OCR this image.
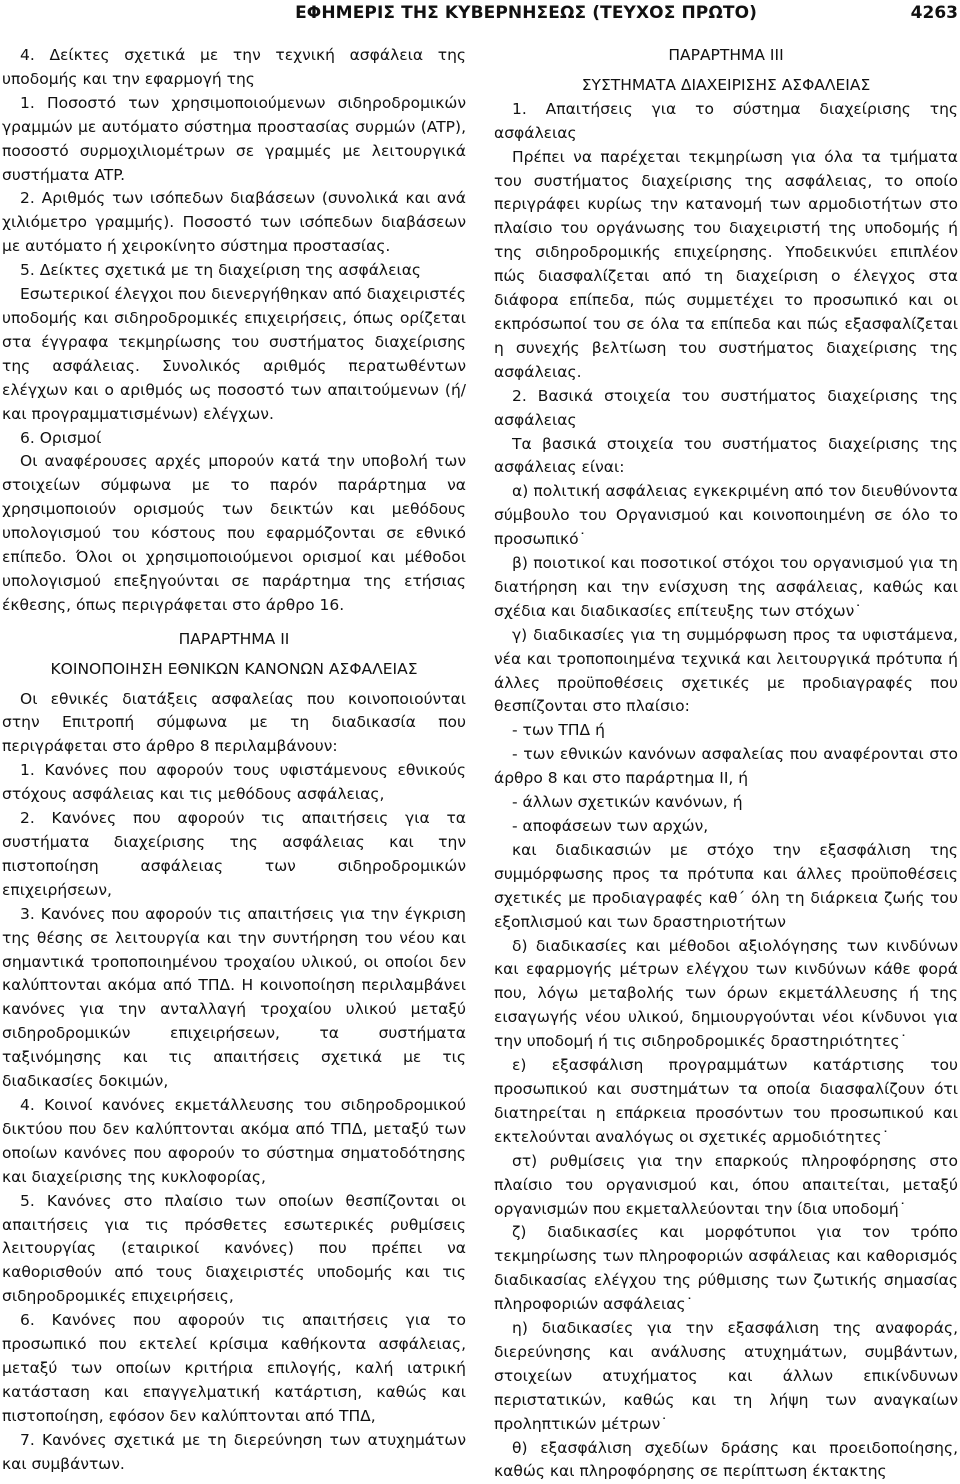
ΕΦΗΜΕΡΙΣ ΤΗΣ ΚΥΒΕΡΝΗΣΕΩΣ (ΤΕΥΧΟΣ ΠΡΩΤΟ)	4263

4. Δείκτες σχετικά με την τεχνική ασφάλεια της υποδομής και την εφαρμογή της

1. Ποσοστό των χρησιμοποιούμενων σιδηροδρομικών γραμμών με αυτόματο σύστημα προστασίας συρμών (ATP), ποσοστό συρμοχιλιομέτρων σε γραμμές με λειτουργικά συστήματα ATP.

2. Αριθμός των ισόπεδων διαβάσεων (συνολικά και ανά χιλιόμετρο γραμμής). Ποσοστό των ισόπεδων διαβάσεων με αυτόματο ή χειροκίνητο σύστημα προστασίας.

5. Δείκτες σχετικά με τη διαχείριση της ασφάλειας

Εσωτερικοί έλεγχοι που διενεργήθηκαν από διαχειριστές υποδομής και σιδηροδρομικές επιχειρήσεις, όπως ορίζεται στα έγγραφα τεκμηρίωσης του συστήματος διαχείρισης της ασφάλειας. Συνολικός αριθμός περατωθέντων ελέγχων και ο αριθμός ως ποσοστό των απαιτούμενων (ή/και προγραμματισμένων) ελέγχων.

6. Ορισμοί

Οι αναφέρουσες αρχές μπορούν κατά την υποβολή των στοιχείων σύμφωνα με το παρόν παράρτημα να χρησιμοποιούν ορισμούς των δεικτών και μεθόδους υπολογισμού του κόστους που εφαρμόζονται σε εθνικό επίπεδο. Όλοι οι χρησιμοποιούμενοι ορισμοί και μέθοδοι υπολογισμού επεξηγούνται σε παράρτημα της ετήσιας έκθεσης, όπως περιγράφεται στο άρθρο 16.

ΠΑΡΑΡΤΗΜΑ ΙΙ

ΚΟΙΝΟΠΟΙΗΣΗ ΕΘΝΙΚΩΝ ΚΑΝΟΝΩΝ ΑΣΦΑΛΕΙΑΣ

Οι εθνικές διατάξεις ασφαλείας που κοινοποιούνται στην Επιτροπή σύμφωνα με τη διαδικασία που περιγράφεται στο άρθρο 8 περιλαμβάνουν:

1. Κανόνες που αφορούν τους υφιστάμενους εθνικούς στόχους ασφάλειας και τις μεθόδους ασφάλειας,

2. Κανόνες που αφορούν τις απαιτήσεις για τα συστήματα διαχείρισης της ασφάλειας και την πιστοποίηση ασφάλειας των σιδηροδρομικών επιχειρήσεων,

3. Κανόνες που αφορούν τις απαιτήσεις για την έγκριση της θέσης σε λειτουργία και την συντήρηση του νέου και σημαντικά τροποποιημένου τροχαίου υλικού, οι οποίοι δεν καλύπτονται ακόμα από ΤΠΔ. Η κοινοποίηση περιλαμβάνει κανόνες για την ανταλλαγή τροχαίου υλικού μεταξύ σιδηροδρομικών επιχειρήσεων, τα συστήματα ταξινόμησης και τις απαιτήσεις σχετικά με τις διαδικασίες δοκιμών,

4. Κοινοί κανόνες εκμετάλλευσης του σιδηροδρομικού δικτύου που δεν καλύπτονται ακόμα από ΤΠΔ, μεταξύ των οποίων κανόνες που αφορούν το σύστημα σηματοδότησης και διαχείρισης της κυκλοφορίας,

5. Κανόνες στο πλαίσιο των οποίων θεσπίζονται οι απαιτήσεις για τις πρόσθετες εσωτερικές ρυθμίσεις λειτουργίας (εταιρικοί κανόνες) που πρέπει να καθορισθούν από τους διαχειριστές υποδομής και τις σιδηροδρομικές επιχειρήσεις,

6. Κανόνες που αφορούν τις απαιτήσεις για το προσωπικό που εκτελεί κρίσιμα καθήκοντα ασφάλειας, μεταξύ των οποίων κριτήρια επιλογής, καλή ιατρική κατάσταση και επαγγελματική κατάρτιση, καθώς και πιστοποίηση, εφόσον δεν καλύπτονται από ΤΠΔ,

7. Κανόνες σχετικά με τη διερεύνηση των ατυχημάτων και συμβάντων.

ΠΑΡΑΡΤΗΜΑ ΙΙΙ

ΣΥΣΤΗΜΑΤΑ ΔΙΑΧΕΙΡΙΣΗΣ ΑΣΦΑΛΕΙΑΣ

1. Απαιτήσεις για το σύστημα διαχείρισης της ασφάλειας

Πρέπει να παρέχεται τεκμηρίωση για όλα τα τμήματα του συστήματος διαχείρισης της ασφάλειας, το οποίο περιγράφει κυρίως την κατανομή των αρμοδιοτήτων στο πλαίσιο του οργάνωσης του διαχειριστή της υποδομής ή της σιδηροδρομικής επιχείρησης. Υποδεικνύει επιπλέον πώς διασφαλίζεται από τη διαχείριση ο έλεγχος στα διάφορα επίπεδα, πώς συμμετέχει το προσωπικό και οι εκπρόσωποί του σε όλα τα επίπεδα και πώς εξασφαλίζεται η συνεχής βελτίωση του συστήματος διαχείρισης της ασφάλειας.

2. Βασικά στοιχεία του συστήματος διαχείρισης της ασφάλειας

Τα βασικά στοιχεία του συστήματος διαχείρισης της ασφάλειας είναι:

α) πολιτική ασφάλειας εγκεκριμένη από τον διευθύνοντα σύμβουλο του Οργανισμού και κοινοποιημένη σε όλο το προσωπικό˙

β) ποιοτικοί και ποσοτικοί στόχοι του οργανισμού για τη διατήρηση και την ενίσχυση της ασφάλειας, καθώς και σχέδια και διαδικασίες επίτευξης των στόχων˙

γ) διαδικασίες για τη συμμόρφωση προς τα υφιστάμενα, νέα και τροποποιημένα τεχνικά και λειτουργικά πρότυπα ή άλλες προϋποθέσεις σχετικές με προδιαγραφές που θεσπίζονται στο πλαίσιο:

- των ΤΠΔ ή

- των εθνικών κανόνων ασφαλείας που αναφέρονται στο άρθρο 8 και στο παράρτημα ΙΙ, ή

- άλλων σχετικών κανόνων, ή

- αποφάσεων των αρχών,

και διαδικασιών με στόχο την εξασφάλιση της συμμόρφωσης προς τα πρότυπα και άλλες προϋποθέσεις σχετικές με προδιαγραφές καθ΄ όλη τη διάρκεια ζωής του εξοπλισμού και των δραστηριοτήτων

δ) διαδικασίες και μέθοδοι αξιολόγησης των κινδύνων και εφαρμογής μέτρων ελέγχου των κινδύνων κάθε φορά που, λόγω μεταβολής των όρων εκμετάλλευσης ή της εισαγωγής νέου υλικού, δημιουργούνται νέοι κίνδυνοι για την υποδομή ή τις σιδηροδρομικές δραστηριότητες˙

ε) εξασφάλιση προγραμμάτων κατάρτισης του προσωπικού και συστημάτων τα οποία διασφαλίζουν ότι διατηρείται η επάρκεια προσόντων του προσωπικού και εκτελούνται αναλόγως οι σχετικές αρμοδιότητες˙

στ) ρυθμίσεις για την επαρκούς πληροφόρησης στο πλαίσιο του οργανισμού και, όπου απαιτείται, μεταξύ οργανισμών που εκμεταλλεύονται την ίδια υποδομή˙

ζ) διαδικασίες και μορφότυποι για τον τρόπο τεκμηρίωσης των πληροφοριών ασφάλειας και καθορισμός διαδικασίας ελέγχου της ρύθμισης των ζωτικής σημασίας πληροφοριών ασφάλειας˙

η) διαδικασίες για την εξασφάλιση της αναφοράς, διερεύνησης και ανάλυσης ατυχημάτων, συμβάντων, στοιχείων ατυχήματος και άλλων επικίνδυνων περιστατικών, καθώς και τη λήψη των αναγκαίων προληπτικών μέτρων˙

θ) εξασφάλιση σχεδίων δράσης και προειδοποίησης, καθώς και πληροφόρησης σε περίπτωση έκτακτης
